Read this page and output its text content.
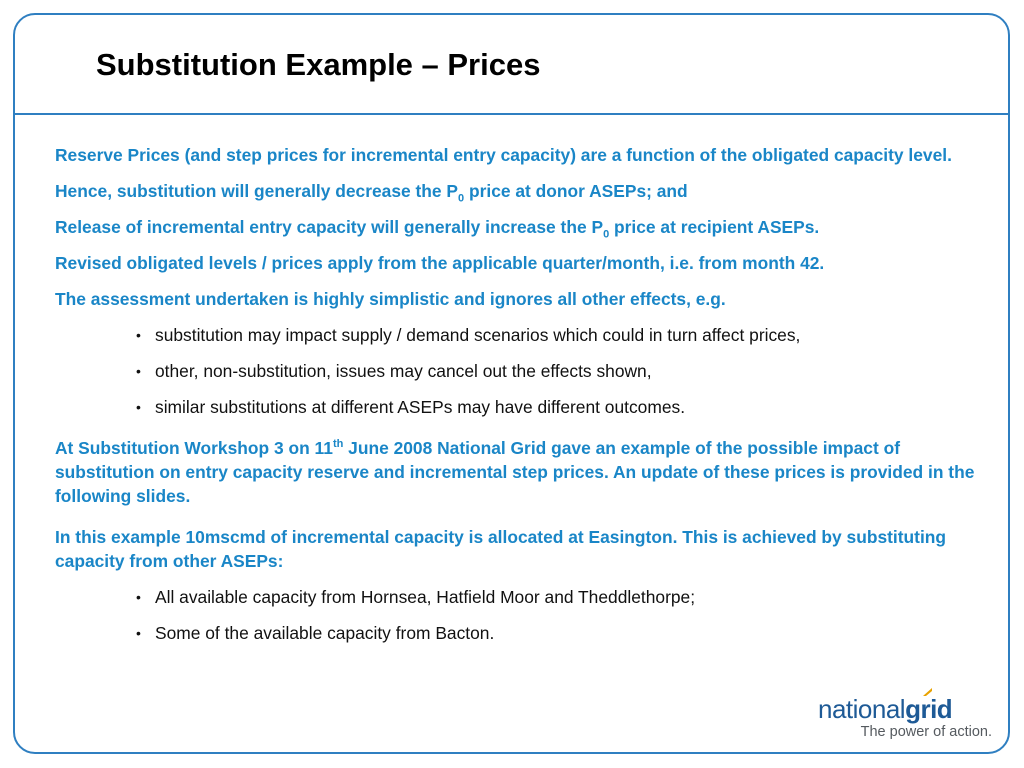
Substitution Example – Prices

Reserve Prices (and step prices for incremental entry capacity) are a function of the obligated capacity level.

Hence, substitution will generally decrease the $P_0$ price at donor ASEPs; and

Release of incremental entry capacity will generally increase the $P_0$ price at recipient ASEPs.

Revised obligated levels / prices apply from the applicable quarter/month, i.e. from month 42.

The assessment undertaken is highly simplistic and ignores all other effects, e.g.

• substitution may impact supply / demand scenarios which could in turn affect prices,
• other, non-substitution, issues may cancel out the effects shown,
• similar substitutions at different ASEPs may have different outcomes.

At Substitution Workshop 3 on 11th June 2008 National Grid gave an example of the possible impact of substitution on entry capacity reserve and incremental step prices. An update of these prices is provided in the following slides.

In this example 10mscmd of incremental capacity is allocated at Easington. This is achieved by substituting capacity from other ASEPs:

• All available capacity from Hornsea, Hatfield Moor and Theddlethorpe;
• Some of the available capacity from Bacton.
nationalgrid
The power of action.
